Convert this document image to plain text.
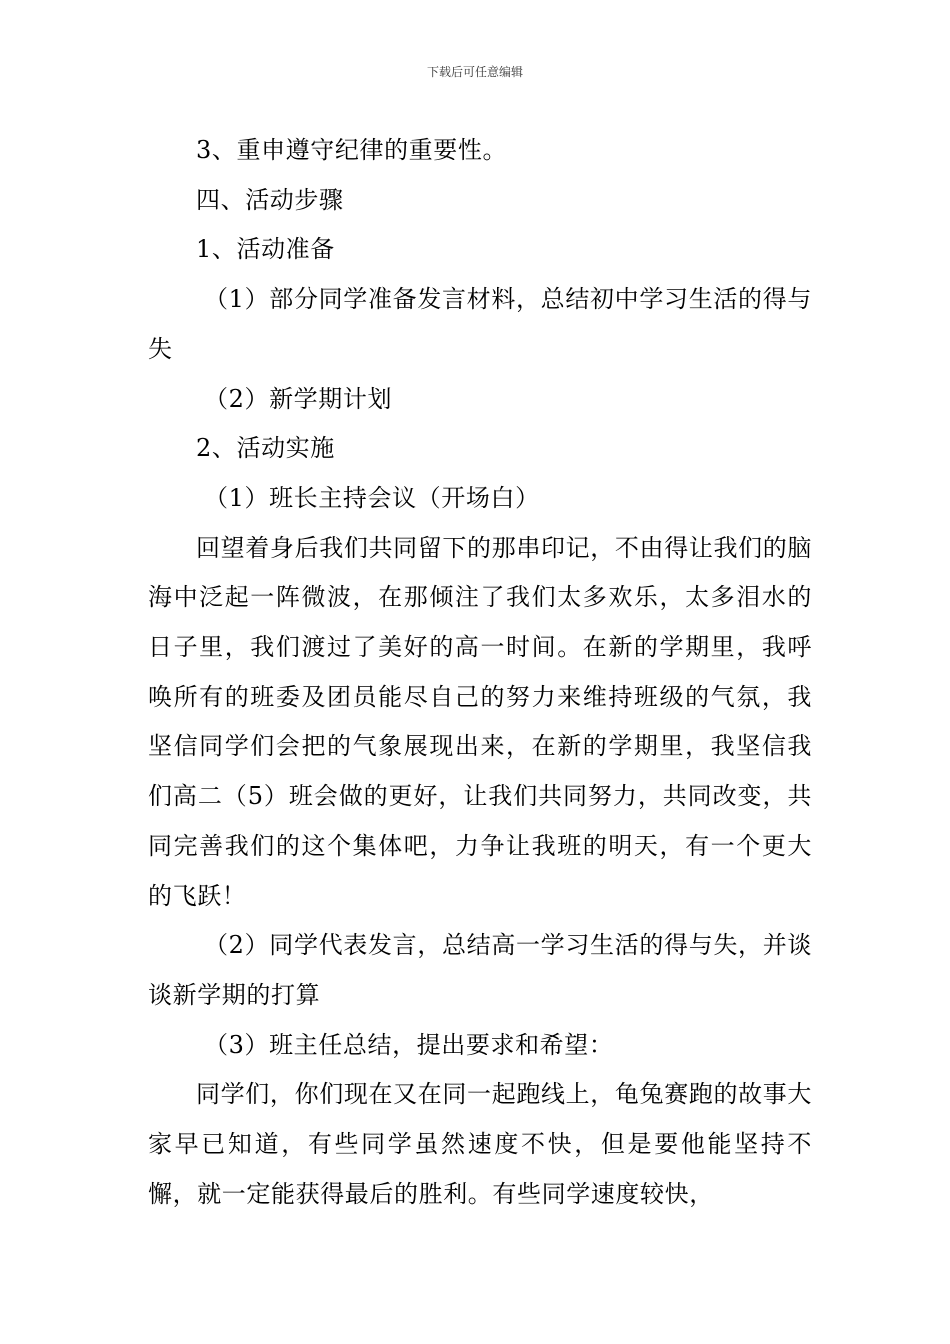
下载后可任意编辑

3、重申遵守纪律的重要性。

四、活动步骤

1、活动准备

（1）部分同学准备发言材料，总结初中学习生活的得与失

（2）新学期计划

2、活动实施

（1）班长主持会议（开场白）

回望着身后我们共同留下的那串印记，不由得让我们的脑海中泛起一阵微波，在那倾注了我们太多欢乐，太多泪水的日子里，我们渡过了美好的高一时间。在新的学期里，我呼唤所有的班委及团员能尽自己的努力来维持班级的气氛，我坚信同学们会把的气象展现出来，在新的学期里，我坚信我们高二（5）班会做的更好，让我们共同努力，共同改变，共同完善我们的这个集体吧，力争让我班的明天，有一个更大的飞跃！

（2）同学代表发言，总结高一学习生活的得与失，并谈谈新学期的打算

（3）班主任总结，提出要求和希望：

同学们，你们现在又在同一起跑线上，龟兔赛跑的故事大家早已知道，有些同学虽然速度不快，但是要他能坚持不懈，就一定能获得最后的胜利。有些同学速度较快，
